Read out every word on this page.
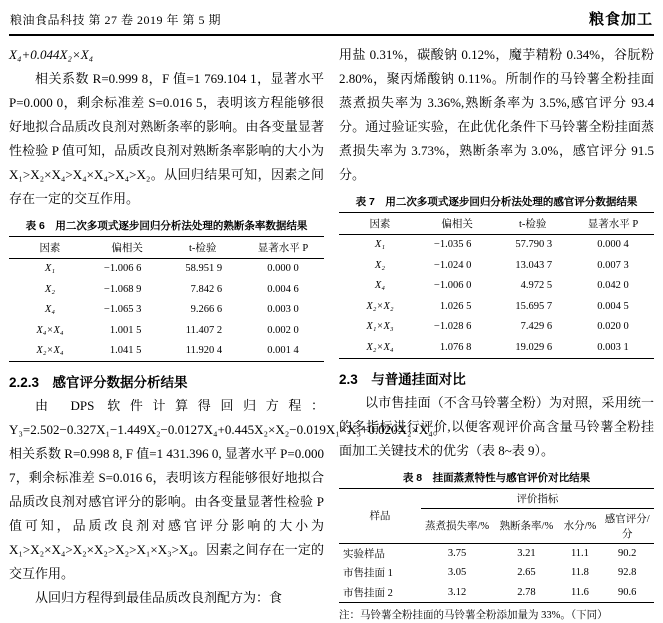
粮油食品科技 第 27 卷 2019 年 第 5 期	粮食加工

X₄+0.044X₂×X₄

相关系数 R=0.999 8，F 值=1 769.104 1，显著水平 P=0.000 0，剩余标准差 S=0.016 5，表明该方程能够很好地拟合品质改良剂对熟断条率的影响。由各变量显著性检验 P 值可知，品质改良剂对熟断条率影响的大小为 X₁>X₂×X₄>X₄×X₄>X₄>X₂。从回归结果可知，因素之间存在一定的交互作用。

表 6　用二次多项式逐步回归分析法处理的熟断条率数据结果
因素	偏相关	t-检验	显著水平 P
X₁	−1.006 6	58.951 9	0.000 0
X₂	−1.068 9	7.842 6	0.004 6
X₄	−1.065 3	9.266 6	0.003 0
X₄×X₄	1.001 5	11.407 2	0.002 0
X₂×X₄	1.041 5	11.920 4	0.001 4
2.2.3　感官评分数据分析结果

由 DPS 软件计算得回归方程：Y₃=2.502−0.327X₁−1.449X₂−0.0127X₄+0.445X₂×X₂−0.019X₁×X₃+0.020X₂×X₄。相关系数 R=0.998 8, F 值=1 431.396 0, 显著水平 P=0.000 7，剩余标准差 S=0.016 6，表明该方程能够很好地拟合品质改良剂对感官评分的影响。由各变量显著性检验 P 值可知，品质改良剂对感官评分影响的大小为 X₁>X₂×X₄>X₂×X₂>X₂>X₁×X₃>X₄。因素之间存在一定的交互作用。

从回归方程得到最佳品质改良剂配方为：食

用盐 0.31%，碳酸钠 0.12%，魔芋精粉 0.34%，谷朊粉 2.80%，聚丙烯酸钠 0.11%。所制作的马铃薯全粉挂面蒸煮损失率为 3.36%,熟断条率为 3.5%,感官评分 93.4 分。通过验证实验，在此优化条件下马铃薯全粉挂面蒸煮损失率为 3.73%，熟断条率为 3.0%，感官评分 91.5 分。

表 7　用二次多项式逐步回归分析法处理的感官评分数据结果
因素	偏相关	t-检验	显著水平 P
X₁	−1.035 6	57.790 3	0.000 4
X₂	−1.024 0	13.043 7	0.007 3
X₄	−1.006 0	4.972 5	0.042 0
X₂×X₂	1.026 5	15.695 7	0.004 5
X₁×X₃	−1.028 6	7.429 6	0.020 0
X₂×X₄	1.076 8	19.029 6	0.003 1
2.3　与普通挂面对比

以市售挂面（不含马铃薯全粉）为对照，采用统一的多指标进行评价,以便客观评价高含量马铃薯全粉挂面加工关键技术的优劣（表 8~表 9）。

表 8　挂面蒸煮特性与感官评价对比结果
样品	评价指标			
	蒸煮损失率/%	熟断条率/%	水分/%	感官评分/分
实验样品	3.75	3.21	11.1	90.2
市售挂面 1	3.05	2.65	11.8	92.8
市售挂面 2	3.12	2.78	11.6	90.6
注：马铃薯全粉挂面的马铃薯全粉添加量为 33%。（下同）
